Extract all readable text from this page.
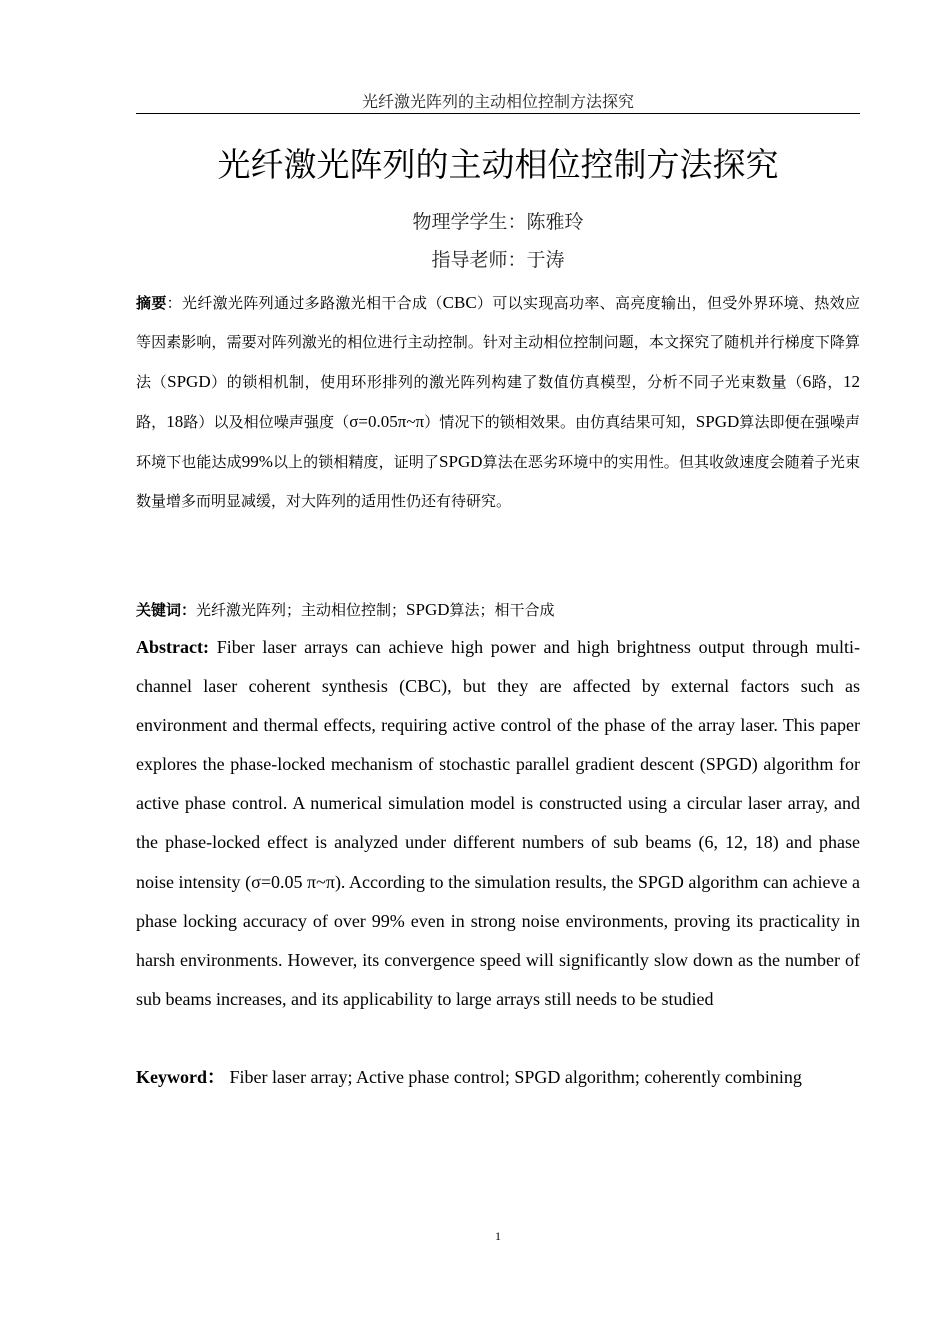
光纤激光阵列的主动相位控制方法探究
光纤激光阵列的主动相位控制方法探究
物理学学生：陈雅玲
指导老师：于涛

摘要：光纤激光阵列通过多路激光相干合成（CBC）可以实现高功率、高亮度输出，但受外界环境、热效应等因素影响，需要对阵列激光的相位进行主动控制。针对主动相位控制问题，本文探究了随机并行梯度下降算法（SPGD）的锁相机制，使用环形排列的激光阵列构建了数值仿真模型，分析不同子光束数量（6路，12路，18路）以及相位噪声强度（σ=0.05π~π）情况下的锁相效果。由仿真结果可知，SPGD算法即便在强噪声环境下也能达成99%以上的锁相精度，证明了SPGD算法在恶劣环境中的实用性。但其收敛速度会随着子光束数量增多而明显减缓，对大阵列的适用性仍还有待研究。

关键词：光纤激光阵列；主动相位控制；SPGD算法；相干合成

Abstract: Fiber laser arrays can achieve high power and high brightness output through multi-channel laser coherent synthesis (CBC), but they are affected by external factors such as environment and thermal effects, requiring active control of the phase of the array laser. This paper explores the phase-locked mechanism of stochastic parallel gradient descent (SPGD) algorithm for active phase control. A numerical simulation model is constructed using a circular laser array, and the phase-locked effect is analyzed under different numbers of sub beams (6, 12, 18) and phase noise intensity (σ=0.05 π~π). According to the simulation results, the SPGD algorithm can achieve a phase locking accuracy of over 99% even in strong noise environments, proving its practicality in harsh environments. However, its convergence speed will significantly slow down as the number of sub beams increases, and its applicability to large arrays still needs to be studied

Keyword： Fiber laser array; Active phase control; SPGD algorithm; coherently combining

1
